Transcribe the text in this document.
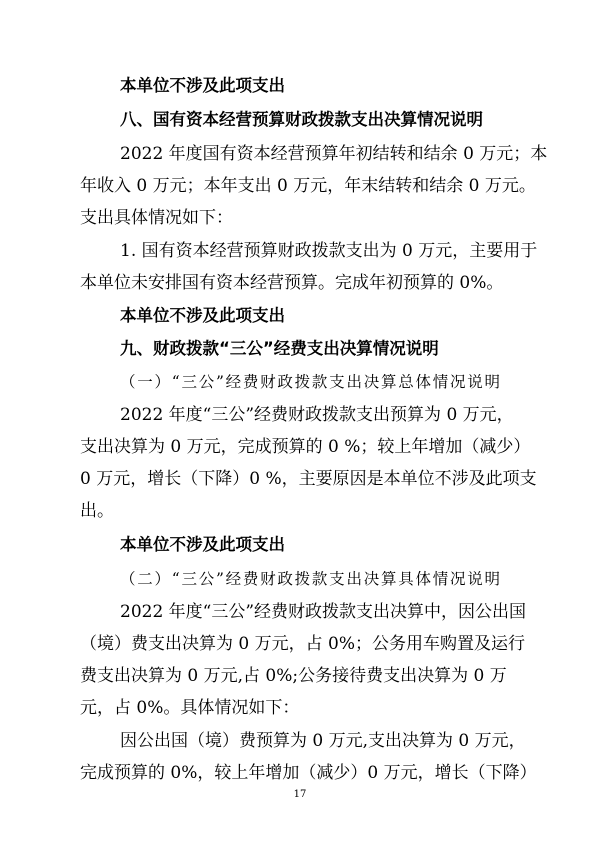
本单位不涉及此项支出
八、国有资本经营预算财政拨款支出决算情况说明
2022 年度国有资本经营预算年初结转和结余 0 万元；本
年收入 0 万元；本年支出 0 万元，年末结转和结余 0 万元。
支出具体情况如下：
1. 国有资本经营预算财政拨款支出为 0 万元，主要用于
本单位未安排国有资本经营预算。完成年初预算的 0%。
本单位不涉及此项支出
九、财政拨款“三公”经费支出决算情况说明
（一）“三公”经费财政拨款支出决算总体情况说明
2022 年度“三公”经费财政拨款支出预算为 0 万元，
支出决算为 0 万元，完成预算的 0 %；较上年增加（减少）
0 万元，增长（下降）0 %，主要原因是本单位不涉及此项支
出。
本单位不涉及此项支出
（二）“三公”经费财政拨款支出决算具体情况说明
2022 年度“三公”经费财政拨款支出决算中，因公出国
（境）费支出决算为 0 万元，占 0%；公务用车购置及运行
费支出决算为 0 万元,占 0%;公务接待费支出决算为 0 万
元，占 0%。具体情况如下：
因公出国（境）费预算为 0 万元,支出决算为 0 万元，
完成预算的 0%，较上年增加（减少）0 万元，增长（下降）
17
